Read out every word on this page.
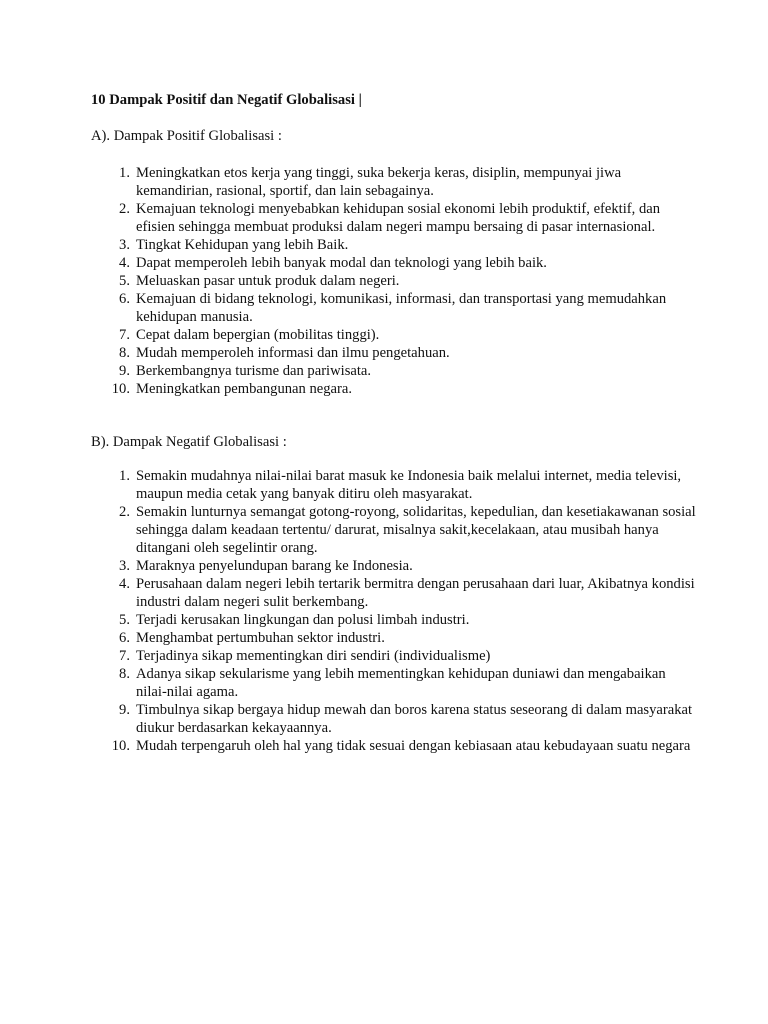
10 Dampak Positif dan Negatif Globalisasi |
A). Dampak Positif Globalisasi :
1. Meningkatkan etos kerja yang tinggi, suka bekerja keras, disiplin, mempunyai jiwa kemandirian, rasional, sportif, dan lain sebagainya.
2. Kemajuan teknologi menyebabkan kehidupan sosial ekonomi lebih produktif, efektif, dan efisien sehingga membuat produksi dalam negeri mampu bersaing di pasar internasional.
3. Tingkat Kehidupan yang lebih Baik.
4. Dapat memperoleh lebih banyak modal dan teknologi yang lebih baik.
5. Meluaskan pasar untuk produk dalam negeri.
6. Kemajuan di bidang teknologi, komunikasi, informasi, dan transportasi yang memudahkan kehidupan manusia.
7. Cepat dalam bepergian (mobilitas tinggi).
8. Mudah memperoleh informasi dan ilmu pengetahuan.
9. Berkembangnya turisme dan pariwisata.
10. Meningkatkan pembangunan negara.
B). Dampak Negatif Globalisasi :
1. Semakin mudahnya nilai-nilai barat masuk ke Indonesia baik melalui internet, media televisi, maupun media cetak yang banyak ditiru oleh masyarakat.
2. Semakin lunturnya semangat gotong-royong, solidaritas, kepedulian, dan kesetiakawanan sosial sehingga dalam keadaan tertentu/ darurat, misalnya sakit,kecelakaan, atau musibah hanya ditangani oleh segelintir orang.
3. Maraknya penyelundupan barang ke Indonesia.
4. Perusahaan dalam negeri lebih tertarik bermitra dengan perusahaan dari luar, Akibatnya kondisi industri dalam negeri sulit berkembang.
5. Terjadi kerusakan lingkungan dan polusi limbah industri.
6. Menghambat pertumbuhan sektor industri.
7. Terjadinya sikap mementingkan diri sendiri (individualisme)
8. Adanya sikap sekularisme yang lebih mementingkan kehidupan duniawi dan mengabaikan nilai-nilai agama.
9. Timbulnya sikap bergaya hidup mewah dan boros karena status seseorang di dalam masyarakat diukur berdasarkan kekayaannya.
10. Mudah terpengaruh oleh hal yang tidak sesuai dengan kebiasaan atau kebudayaan suatu negara
